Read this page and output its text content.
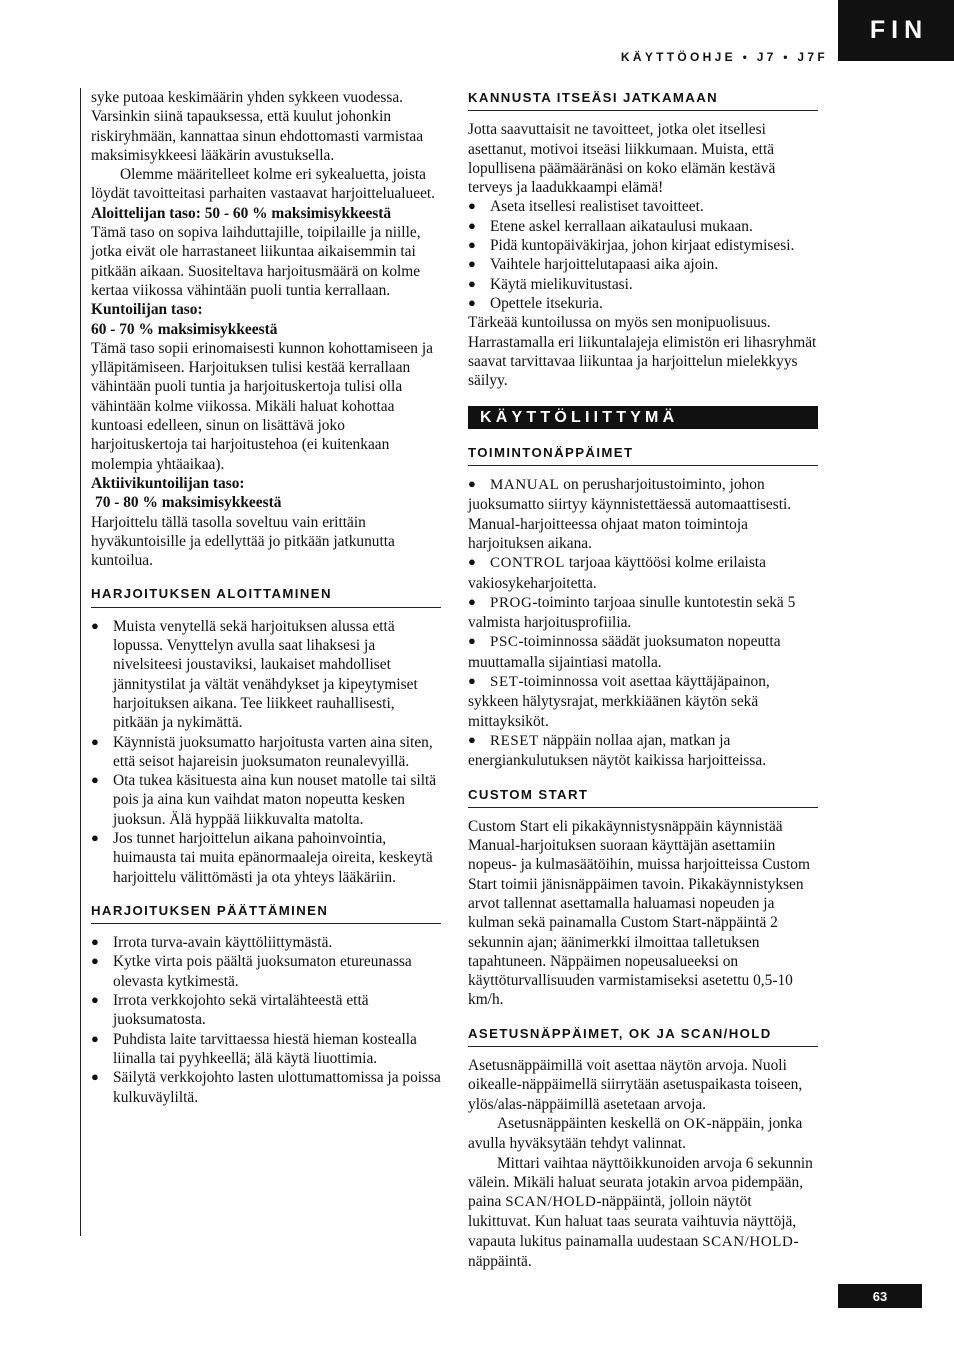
FIN
KÄYTTÖOHJE • J7 • J7F

syke putoaa keskimäärin yhden sykkeen vuodessa. Varsinkin siinä tapauksessa, että kuulut johonkin riskiryhmään, kannattaa sinun ehdottomasti varmistaa maksimisykkeesi lääkärin avustuksella.

Olemme määritelleet kolme eri sykealuetta, joista löydät tavoitteitasi parhaiten vastaavat harjoittelualueet.

Aloittelijan taso: 50 - 60 % maksimisykkeestä

Tämä taso on sopiva laihduttajille, toipilaille ja niille, jotka eivät ole harrastaneet liikuntaa aikaisemmin tai pitkään aikaan. Suositeltava harjoitusmäärä on kolme kertaa viikossa vähintään puoli tuntia kerrallaan.

Kuntoilijan taso:

60 - 70 % maksimisykkeestä

Tämä taso sopii erinomaisesti kunnon kohottamiseen ja ylläpitämiseen. Harjoituksen tulisi kestää kerrallaan vähintään puoli tuntia ja harjoituskertoja tulisi olla vähintään kolme viikossa. Mikäli haluat kohottaa kuntoasi edelleen, sinun on lisättävä joko harjoituskertoja tai harjoitustehoa (ei kuitenkaan molempia yhtäaikaa).

Aktiivikuntoilijan taso:

70 - 80 % maksimisykkeestä

Harjoittelu tällä tasolla soveltuu vain erittäin hyväkuntoisille ja edellyttää jo pitkään jatkunutta kuntoilua.

HARJOITUKSEN ALOITTAMINEN

● Muista venytellä sekä harjoituksen alussa että lopussa. Venyttelyn avulla saat lihaksesi ja nivelsiteesi joustaviksi, laukaiset mahdolliset jännitystilat ja vältät venähdykset ja kipeytymiset harjoituksen aikana. Tee liikkeet rauhallisesti, pitkään ja nykimättä.

● Käynnistä juoksumatto harjoitusta varten aina siten, että seisot hajareisin juoksumaton reunalevyillä.

● Ota tukea käsituesta aina kun nouset matolle tai siltä pois ja aina kun vaihdat maton nopeutta kesken juoksun. Älä hyppää liikkuvalta matolta.

● Jos tunnet harjoittelun aikana pahoinvointia, huimausta tai muita epänormaaleja oireita, keskeytä harjoittelu välittömästi ja ota yhteys lääkäriin.

HARJOITUKSEN PÄÄTTÄMINEN

● Irrota turva-avain käyttöliittymästä.

● Kytke virta pois päältä juoksumaton etureunassa olevasta kytkimestä.

● Irrota verkkojohto sekä virtalähteestä että juoksumatosta.

● Puhdista laite tarvittaessa hiestä hieman kostealla liinalla tai pyyhkeellä; älä käytä liuottimia.

● Säilytä verkkojohto lasten ulottumattomissa ja poissa kulkuväyliltä.

KANNUSTA ITSEÄSI JATKAMAAN

Jotta saavuttaisit ne tavoitteet, jotka olet itsellesi asettanut, motivoi itseäsi liikkumaan. Muista, että lopullisena päämääränäsi on koko elämän kestävä terveys ja laadukkaampi elämä!

● Aseta itsellesi realistiset tavoitteet.

● Etene askel kerrallaan aikataulusi mukaan.

● Pidä kuntopäiväkirjaa, johon kirjaat edistymisesi.

● Vaihtele harjoittelutapaasi aika ajoin.

● Käytä mielikuvitustasi.

● Opettele itsekuria.

Tärkeää kuntoilussa on myös sen monipuolisuus. Harrastamalla eri liikuntalajeja elimistön eri lihasryhmät saavat tarvittavaa liikuntaa ja harjoittelun mielekkyys säilyy.

KÄYTTÖLIITTYMÄ
TOIMINTONÄPPÄIMET

● MANUAL on perusharjoitustoiminto, johon juoksumatto siirtyy käynnistettäessä automaattisesti. Manual-harjoitteessa ohjaat maton toimintoja harjoituksen aikana.

● CONTROL tarjoaa käyttöösi kolme erilaista vakiosykeharjoitetta.

● PROG-toiminto tarjoaa sinulle kuntotestin sekä 5 valmista harjoitusprofiilia.

● PSC-toiminnossa säädät juoksumaton nopeutta muuttamalla sijaintiasi matolla.

● SET-toiminnossa voit asettaa käyttäjäpainon, sykkeen hälytysrajat, merkkiäänen käytön sekä mittayksiköt.

● RESET näppäin nollaa ajan, matkan ja energiankulutuksen näytöt kaikissa harjoitteissa.

CUSTOM START

Custom Start eli pikakäynnistysnäppäin käynnistää Manual-harjoituksen suoraan käyttäjän asettamiin nopeus- ja kulmasäätöihin, muissa harjoitteissa Custom Start toimii jänisnäppäimen tavoin. Pikakäynnistyksen arvot tallennat asettamalla haluamasi nopeuden ja kulman sekä painamalla Custom Start-näppäintä 2 sekunnin ajan; äänimerkki ilmoittaa talletuksen tapahtuneen. Näppäimen nopeusalueeksi on käyttöturvallisuuden varmistamiseksi asetettu 0,5-10 km/h.

ASETUSNÄPPÄIMET, OK JA SCAN/HOLD

Asetusnäppäimillä voit asettaa näytön arvoja. Nuoli oikealle-näppäimellä siirrytään asetuspaikasta toiseen, ylös/alas-näppäimillä asetetaan arvoja.

Asetusnäppäinten keskellä on OK-näppäin, jonka avulla hyväksytään tehdyt valinnat.

Mittari vaihtaa näyttöikkunoiden arvoja 6 sekunnin välein. Mikäli haluat seurata jotakin arvoa pidempään, paina SCAN/HOLD-näppäintä, jolloin näytöt lukittuvat. Kun haluat taas seurata vaihtuvia näyttöjä, vapauta lukitus painamalla uudestaan SCAN/HOLD-näppäintä.

63
